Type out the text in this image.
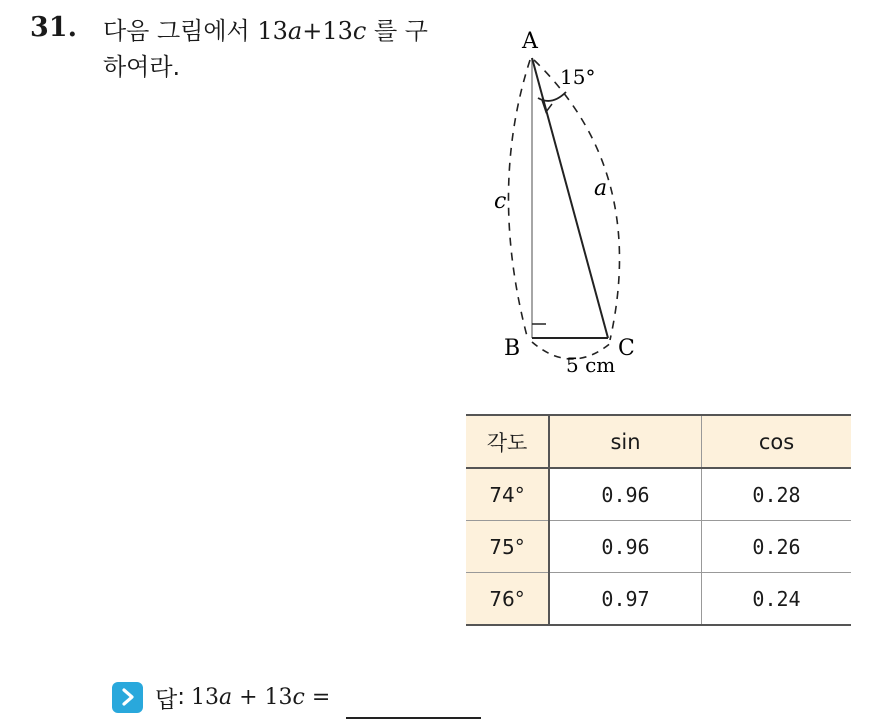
31. 다음 그림에서 13a+13c 를 구하여라.
A
B	C
15°
c
a
5 cm
각도	sin	cos
74°	0.96	0.28
75°	0.96	0.26
76°	0.97	0.24
답 : 13a + 13c =
